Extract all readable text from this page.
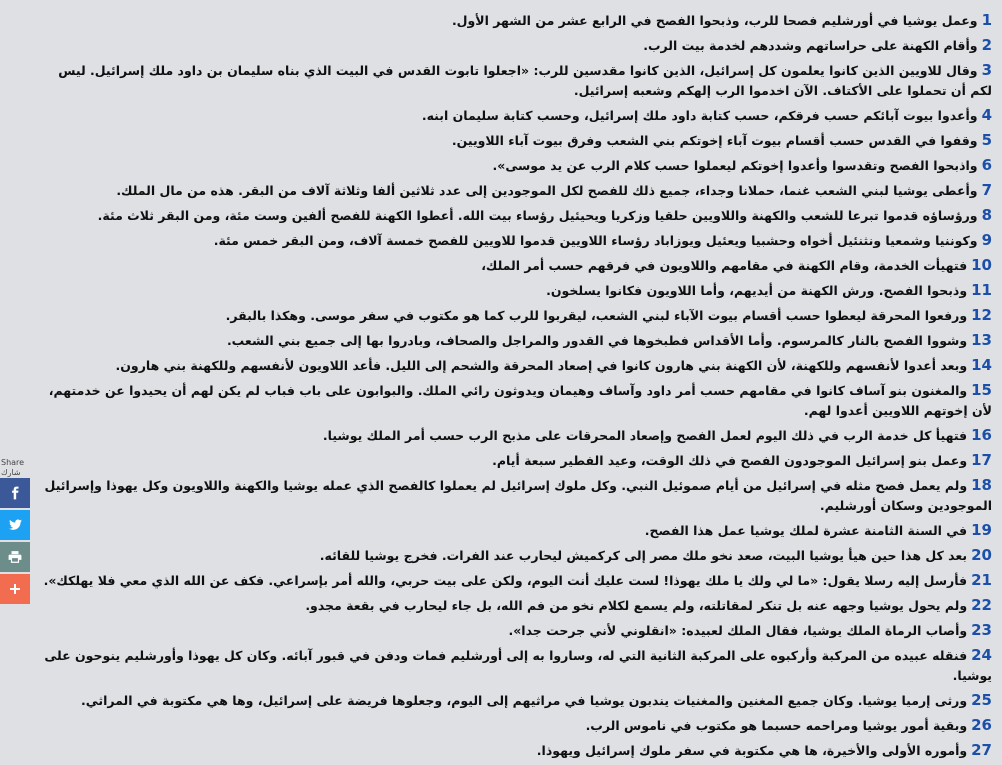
Share
شارك

1وعمل يوشيا في أورشليم فصحا للرب، وذبحوا الفصح في الرابع عشر من الشهر الأول.

2وأقام الكهنة على حراساتهم وشددهم لخدمة بيت الرب.

3وقال للاويين الذين كانوا يعلمون كل إسرائيل، الذين كانوا مقدسين للرب: «اجعلوا تابوت القدس في البيت الذي بناه سليمان بن داود ملك إسرائيل. ليس لكم أن تحملوا على الأكتاف. الآن اخدموا الرب إلهكم وشعبه إسرائيل.

4وأعدوا بيوت آبائكم حسب فرقكم، حسب كتابة داود ملك إسرائيل، وحسب كتابة سليمان ابنه.

5وقفوا في القدس حسب أقسام بيوت آباء إخوتكم بني الشعب وفرق بيوت آباء اللاويين.

6واذبحوا الفصح وتقدسوا وأعدوا إخوتكم ليعملوا حسب كلام الرب عن يد موسى».

7وأعطى يوشيا لبني الشعب غنما، حملانا وجداء، جميع ذلك للفصح لكل الموجودين إلى عدد ثلاثين ألفا وثلاثة آلاف من البقر. هذه من مال الملك.

8ورؤساؤه قدموا تبرعا للشعب والكهنة واللاويين حلقيا وزكريا ويحيئيل رؤساء بيت الله. أعطوا الكهنة للفصح ألفين وست مئة، ومن البقر ثلاث مئة.

9وكوننيا وشمعيا ونثنئيل أخواه وحشبيا ويعئيل ويوزاباد رؤساء اللاويين قدموا للاويين للفصح خمسة آلاف، ومن البقر خمس مئة.

10فتهيأت الخدمة، وقام الكهنة في مقامهم واللاويون في فرقهم حسب أمر الملك،

11وذبحوا الفصح. ورش الكهنة من أيديهم، وأما اللاويون فكانوا يسلخون.

12ورفعوا المحرقة ليعطوا حسب أقسام بيوت الآباء لبني الشعب، ليقربوا للرب كما هو مكتوب في سفر موسى. وهكذا بالبقر.

13وشووا الفصح بالنار كالمرسوم. وأما الأقداس فطبخوها في القدور والمراجل والصحاف، وبادروا بها إلى جميع بني الشعب.

14وبعد أعدوا لأنفسهم وللكهنة، لأن الكهنة بني هارون كانوا في إصعاد المحرقة والشحم إلى الليل. فأعد اللاويون لأنفسهم وللكهنة بني هارون.

15والمغنون بنو آساف كانوا في مقامهم حسب أمر داود وآساف وهيمان ويدوثون رائي الملك. والبوابون على باب فباب لم يكن لهم أن يحيدوا عن خدمتهم، لأن إخوتهم اللاويين أعدوا لهم.

16فتهيأ كل خدمة الرب في ذلك اليوم لعمل الفصح وإصعاد المحرقات على مذبح الرب حسب أمر الملك يوشيا.

17وعمل بنو إسرائيل الموجودون الفصح في ذلك الوقت، وعيد الفطير سبعة أيام.

18ولم يعمل فصح مثله في إسرائيل من أيام صموئيل النبي. وكل ملوك إسرائيل لم يعملوا كالفصح الذي عمله يوشيا والكهنة واللاويون وكل يهوذا وإسرائيل الموجودين وسكان أورشليم.

19في السنة الثامنة عشرة لملك يوشيا عمل هذا الفصح.

20بعد كل هذا حين هيأ يوشيا البيت، صعد نخو ملك مصر إلى كركميش ليحارب عند الفرات. فخرج يوشيا للقائه.

21فأرسل إليه رسلا يقول: «ما لي ولك يا ملك يهوذا! لست عليك أنت اليوم، ولكن على بيت حربي، والله أمر بإسراعي. فكف عن الله الذي معي فلا يهلكك».

22ولم يحول يوشيا وجهه عنه بل تنكر لمقاتلته، ولم يسمع لكلام نخو من فم الله، بل جاء ليحارب في بقعة مجدو.

23وأصاب الرماة الملك يوشيا، فقال الملك لعبيده: «انقلوني لأني جرحت جدا».

24فنقله عبيده من المركبة وأركبوه على المركبة الثانية التي له، وساروا به إلى أورشليم فمات ودفن في قبور آبائه. وكان كل يهوذا وأورشليم ينوحون على يوشيا.

25ورثى إرميا يوشيا. وكان جميع المغنين والمغنيات يندبون يوشيا في مراثيهم إلى اليوم، وجعلوها فريضة على إسرائيل، وها هي مكتوبة في المراثي.

26وبقية أمور يوشيا ومراحمه حسبما هو مكتوب في ناموس الرب.

27وأموره الأولى والأخيرة، ها هي مكتوبة في سفر ملوك إسرائيل ويهوذا.
